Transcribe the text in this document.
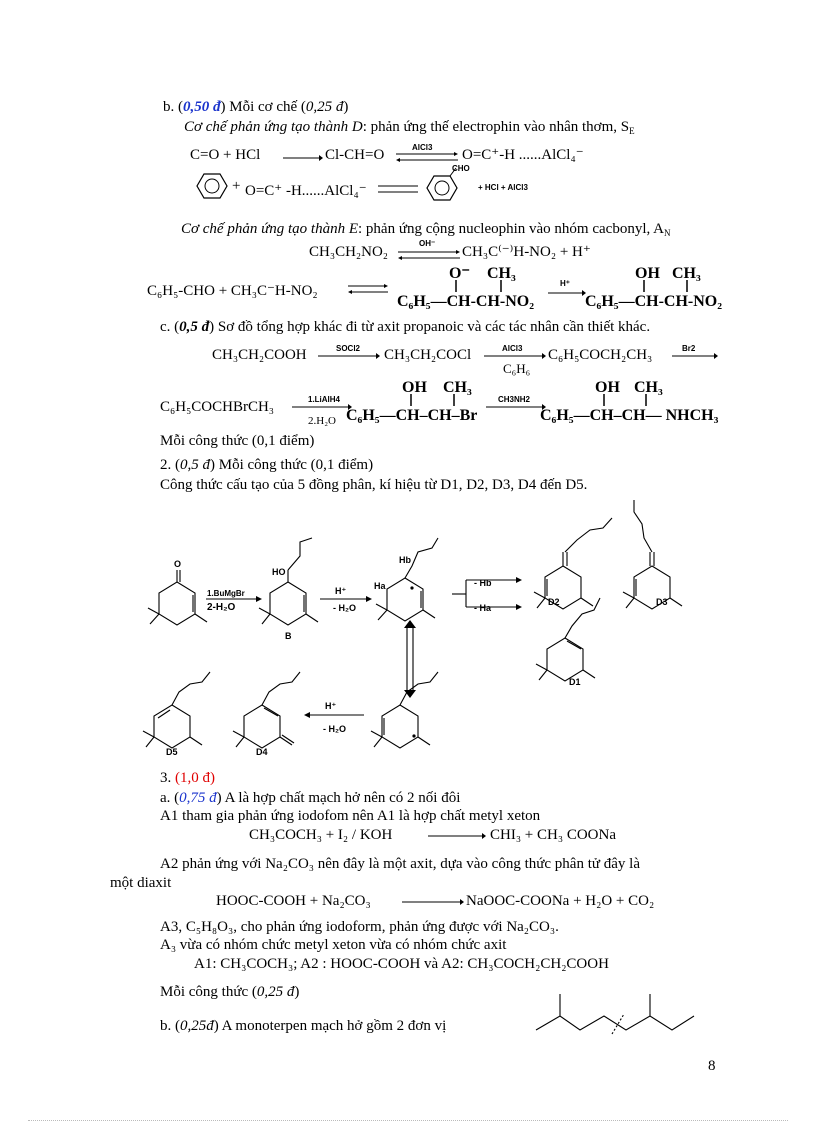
b. (0,50 đ) Mỗi cơ chế (0,25 đ)
Cơ chế phản ứng tạo thành D: phản ứng thế electrophin vào nhân thơm, $S_E$
C=O + HCl	Cl-CH=O	AlCl3 O=C⁺-H ......AlCl₄⁻
+ O=C⁺ -H......AlCl₄⁻
CHO
+ HCl + AlCl3
Cơ chế phản ứng tạo thành E: phản ứng cộng nucleophin vào nhóm cacbonyl, $A_N$
CH₃CH₂NO₂
OH⁻
CH₃C⁽⁻⁾H-NO₂ + H⁺
C₆H₅-CHO + CH₃C⁻H-NO₂
O⁻ CH₃
C₆H₅—CH-CH-NO₂
H⁺
OH CH₃
C₆H₅—CH-CH-NO₂
c. (0,5 đ) Sơ đồ tổng hợp khác đi từ axit propanoic và các tác nhân cần thiết khác.
CH₃CH₂COOH	SOCl2 CH₃CH₂COCl	AlCl3
C₆H₆
C₆H₅COCH₂CH₃	Br2
C₆H₅COCHBrCH₃	1.LiAlH4
2.H₂O
OH CH₃
C₆H₅—CH–CH–Br
CH3NH2
OH CH₃
C₆H₅—CH–CH— NHCH₃
Mỗi công thức (0,1 điểm)
2. (0,5 đ) Mỗi công thức (0,1 điểm)
Công thức cấu tạo của 5 đồng phân, kí hiệu từ D1, D2, D3, D4 đến D5.
O
1.BuMgBr
2-H₂O
HO
B
H⁺
- H₂O
Hb
Ha	- Hb
- Ha
D2	D3
D1
D5	D4
H⁺
- H₂O
3. (1,0 đ)
a. (0,75 đ) A là hợp chất mạch hở nên có 2 nối đôi
A1 tham gia phản ứng iodofom nên A1 là hợp chất metyl xeton
CH₃COCH₃ + I₂ / KOH	CHI₃ + CH₃ COONa
A2 phản ứng với Na₂CO₃ nên đây là một axit, dựa vào công thức phân tử đây là
một diaxit
HOOC-COOH + Na₂CO₃	NaOOC-COONa + H₂O + CO₂
A3, C₅H₈O₃, cho phản ứng iodoform, phản ứng được với Na₂CO₃.
A₃ vừa có nhóm chức metyl xeton vừa có nhóm chức axit
A1: CH₃COCH₃; A2 : HOOC-COOH và A2: CH₃COCH₂CH₂COOH
Mỗi công thức (0,25 đ)
b. (0,25đ) A monoterpen mạch hở gồm 2 đơn vị
8
